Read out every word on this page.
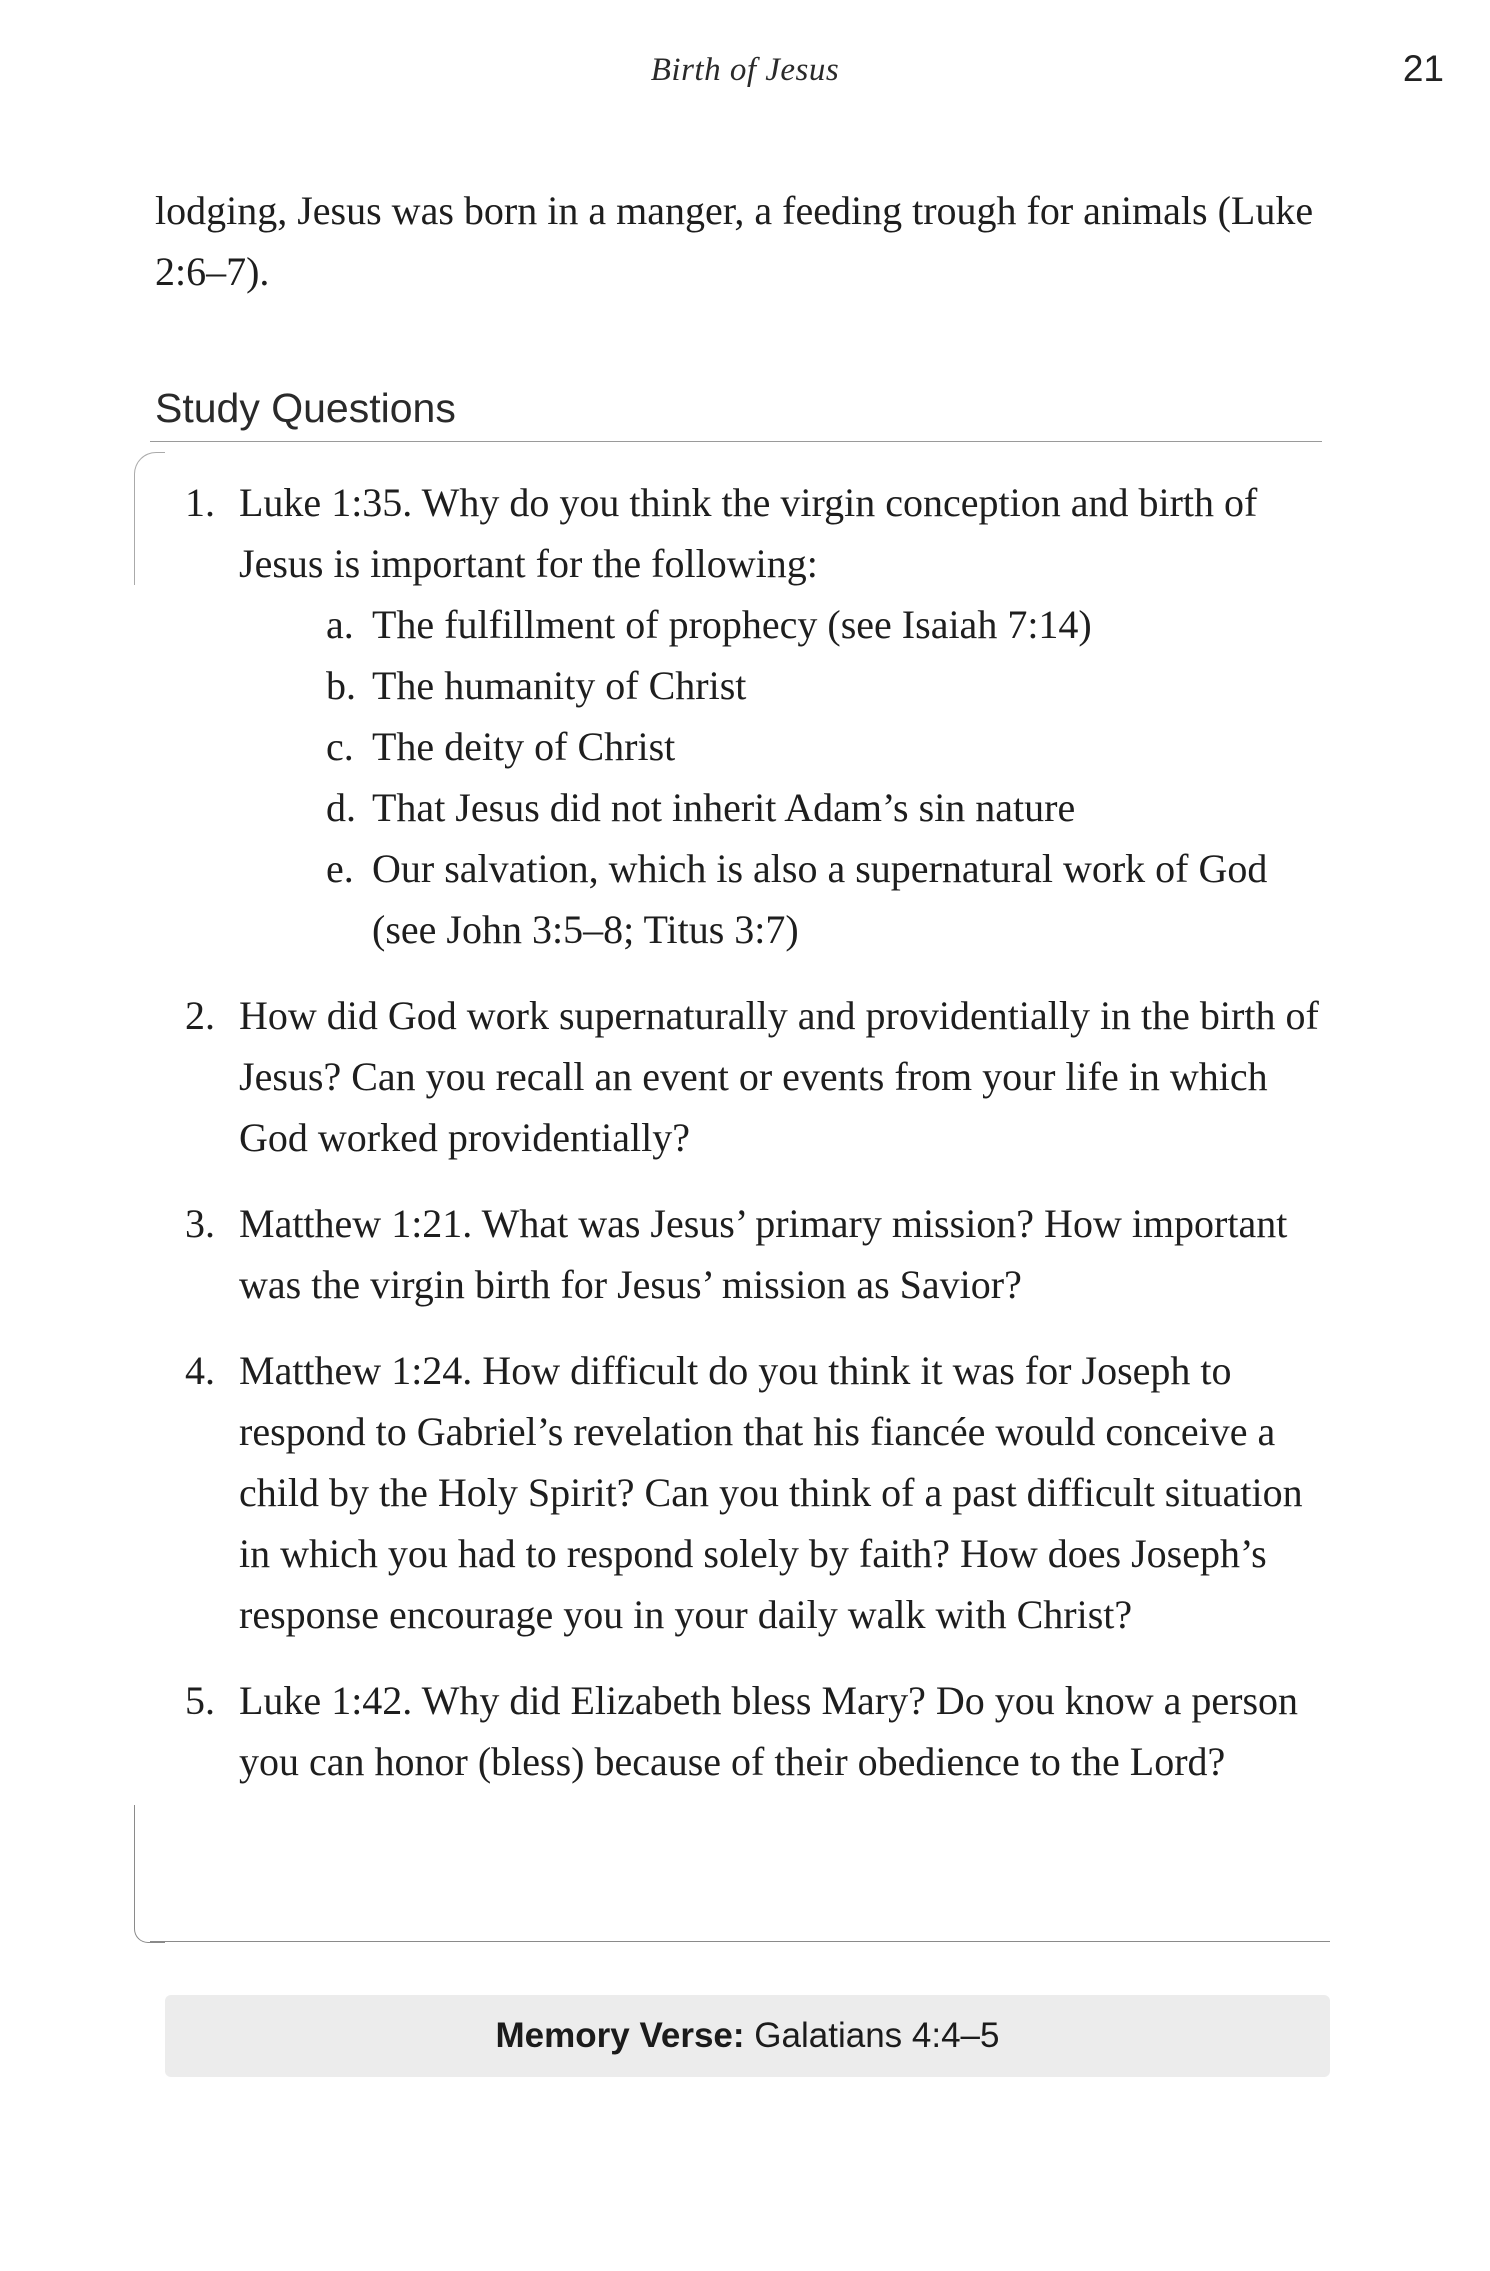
Birth of Jesus	21

lodging, Jesus was born in a manger, a feeding trough for animals (Luke 2:6–7).

Study Questions
1. Luke 1:35. Why do you think the virgin conception and birth of Jesus is important for the following:
a. The fulfillment of prophecy (see Isaiah 7:14)
b. The humanity of Christ
c. The deity of Christ
d. That Jesus did not inherit Adam’s sin nature
e. Our salvation, which is also a supernatural work of God (see John 3:5–8; Titus 3:7)
2. How did God work supernaturally and providentially in the birth of Jesus? Can you recall an event or events from your life in which God worked providentially?
3. Matthew 1:21. What was Jesus’ primary mission? How important was the virgin birth for Jesus’ mission as Savior?
4. Matthew 1:24. How difficult do you think it was for Joseph to respond to Gabriel’s revelation that his fiancée would conceive a child by the Holy Spirit? Can you think of a past difficult situation in which you had to respond solely by faith? How does Joseph’s response encourage you in your daily walk with Christ?
5. Luke 1:42. Why did Elizabeth bless Mary? Do you know a person you can honor (bless) because of their obedience to the Lord?
Memory Verse: Galatians 4:4–5
